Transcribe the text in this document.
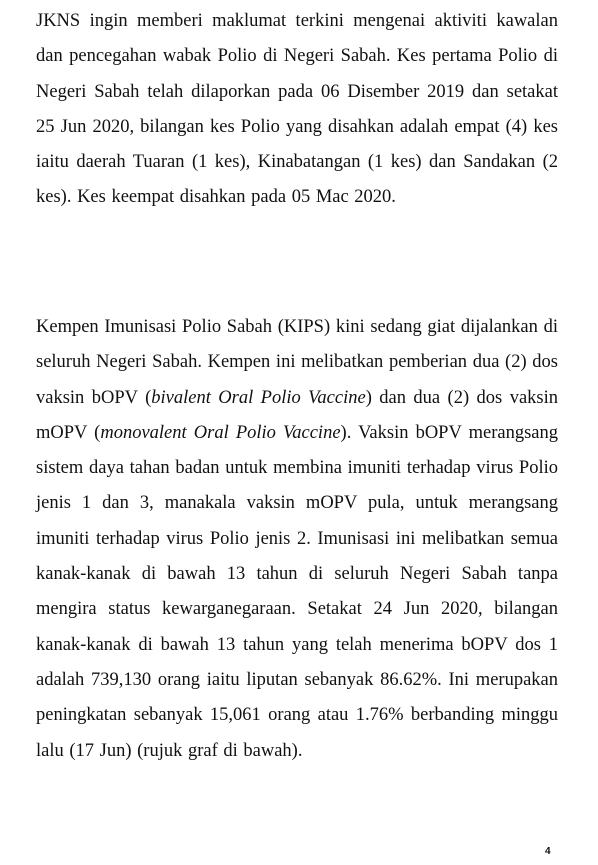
JKNS ingin memberi maklumat terkini mengenai aktiviti kawalan dan pencegahan wabak Polio di Negeri Sabah. Kes pertama Polio di Negeri Sabah telah dilaporkan pada 06 Disember 2019 dan setakat 25 Jun 2020, bilangan kes Polio yang disahkan adalah empat (4) kes iaitu daerah Tuaran (1 kes), Kinabatangan (1 kes) dan Sandakan (2 kes). Kes keempat disahkan pada 05 Mac 2020.

Kempen Imunisasi Polio Sabah (KIPS) kini sedang giat dijalankan di seluruh Negeri Sabah. Kempen ini melibatkan pemberian dua (2) dos vaksin bOPV (bivalent Oral Polio Vaccine) dan dua (2) dos vaksin mOPV (monovalent Oral Polio Vaccine). Vaksin bOPV merangsang sistem daya tahan badan untuk membina imuniti terhadap virus Polio jenis 1 dan 3, manakala vaksin mOPV pula, untuk merangsang imuniti terhadap virus Polio jenis 2. Imunisasi ini melibatkan semua kanak-kanak di bawah 13 tahun di seluruh Negeri Sabah tanpa mengira status kewarganegaraan. Setakat 24 Jun 2020, bilangan kanak-kanak di bawah 13 tahun yang telah menerima bOPV dos 1 adalah 739,130 orang iaitu liputan sebanyak 86.62%. Ini merupakan peningkatan sebanyak 15,061 orang atau 1.76% berbanding minggu lalu (17 Jun) (rujuk graf di bawah).

4
